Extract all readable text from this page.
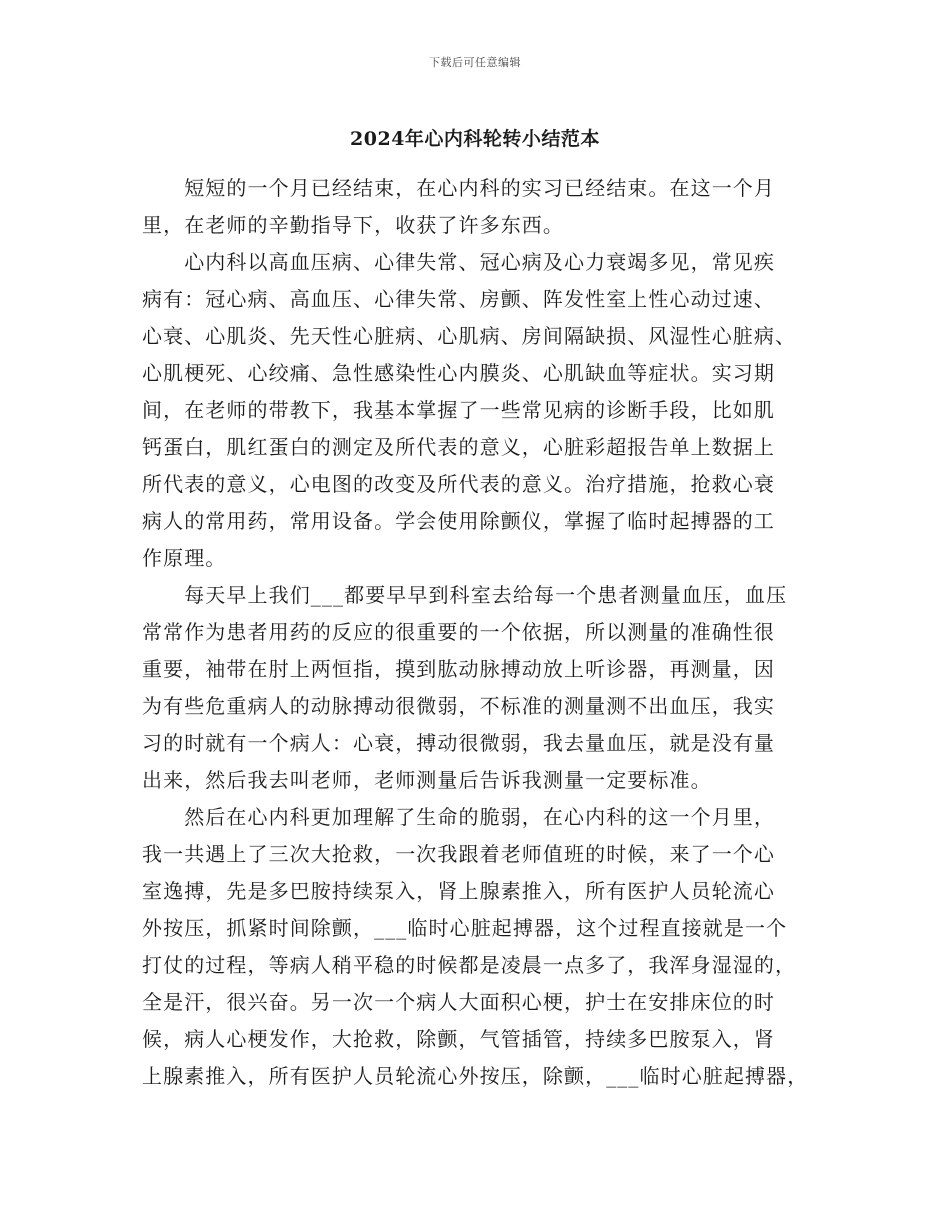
下载后可任意编辑
2024年心内科轮转小结范本
　　短短的一个月已经结束，在心内科的实习已经结束。在这一个月
里，在老师的辛勤指导下，收获了许多东西。
　　心内科以高血压病、心律失常、冠心病及心力衰竭多见，常见疾
病有：冠心病、高血压、心律失常、房颤、阵发性室上性心动过速、
心衰、心肌炎、先天性心脏病、心肌病、房间隔缺损、风湿性心脏病、
心肌梗死、心绞痛、急性感染性心内膜炎、心肌缺血等症状。实习期
间，在老师的带教下，我基本掌握了一些常见病的诊断手段，比如肌
钙蛋白，肌红蛋白的测定及所代表的意义，心脏彩超报告单上数据上
所代表的意义，心电图的改变及所代表的意义。治疗措施，抢救心衰
病人的常用药，常用设备。学会使用除颤仪，掌握了临时起搏器的工
作原理。
　　每天早上我们___都要早早到科室去给每一个患者测量血压，血压
常常作为患者用药的反应的很重要的一个依据，所以测量的准确性很
重要，袖带在肘上两恒指，摸到肱动脉搏动放上听诊器，再测量，因
为有些危重病人的动脉搏动很微弱，不标准的测量测不出血压，我实
习的时就有一个病人：心衰，搏动很微弱，我去量血压，就是没有量
出来，然后我去叫老师，老师测量后告诉我测量一定要标准。
　　然后在心内科更加理解了生命的脆弱，在心内科的这一个月里，
我一共遇上了三次大抢救，一次我跟着老师值班的时候，来了一个心
室逸搏，先是多巴胺持续泵入，肾上腺素推入，所有医护人员轮流心
外按压，抓紧时间除颤，___临时心脏起搏器，这个过程直接就是一个
打仗的过程，等病人稍平稳的时候都是凌晨一点多了，我浑身湿湿的，
全是汗，很兴奋。另一次一个病人大面积心梗，护士在安排床位的时
候，病人心梗发作，大抢救，除颤，气管插管，持续多巴胺泵入，肾
上腺素推入，所有医护人员轮流心外按压，除颤，___临时心脏起搏器，
